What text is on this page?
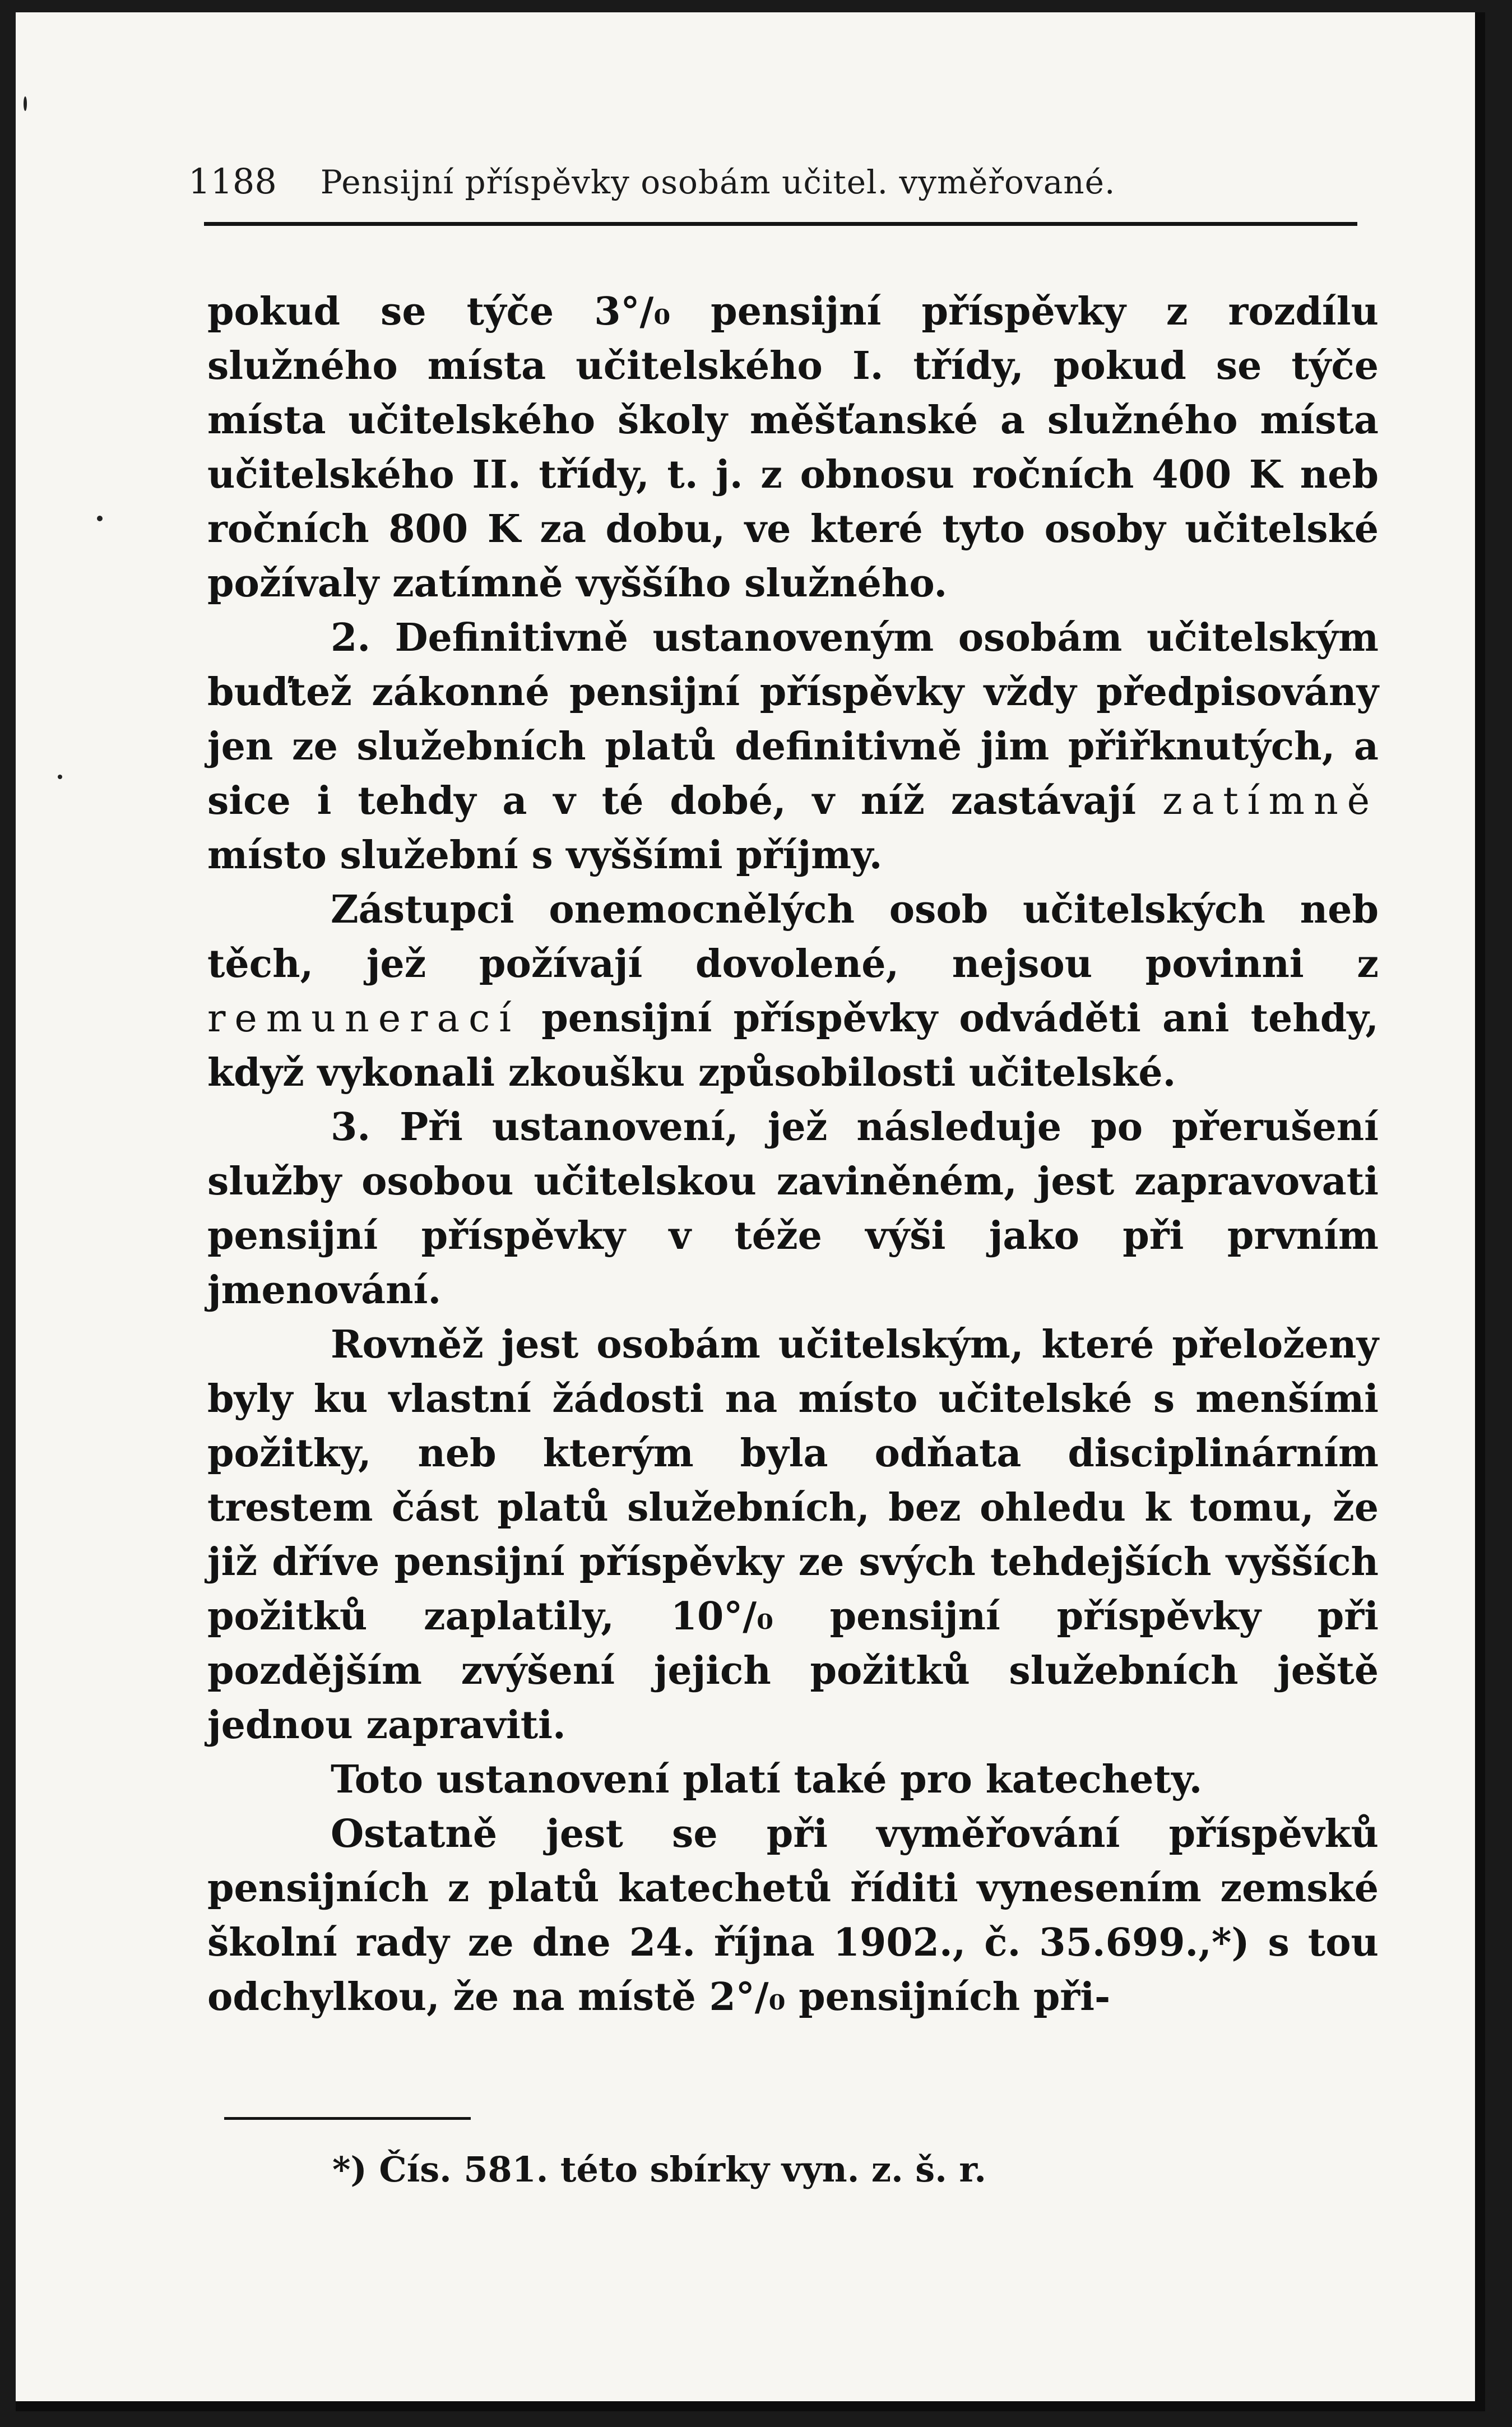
1188 Pensijní příspěvky osobám učitel. vyměřované.

pokud se týče 3°/₀ pensijní příspěvky z rozdílu služného místa učitelského I. třídy, pokud se týče místa učitelského školy měšťanské a služného místa učitelského II. třídy, t. j. z obnosu ročních 400 K neb ročních 800 K za dobu, ve které tyto osoby učitelské požívaly zatímně vyššího služného.

2. Definitivně ustanoveným osobám učitelským buďtež zákonné pensijní příspěvky vždy předpisovány jen ze služebních platů definitivně jim přiřknutých, a sice i tehdy a v té dobé, v níž zastávají zatímně místo služební s vyššími příjmy.

Zástupci onemocnělých osob učitelských neb těch, jež požívají dovolené, nejsou povinni z remunerací pensijní příspěvky odváděti ani tehdy, když vykonali zkoušku způsobilosti učitelské.

3. Při ustanovení, jež následuje po přerušení služby osobou učitelskou zaviněném, jest zapravovati pensijní příspěvky v téže výši jako při prvním jmenování.

Rovněž jest osobám učitelským, které přeloženy byly ku vlastní žádosti na místo učitelské s menšími požitky, neb kterým byla odňata disciplinárním trestem část platů služebních, bez ohledu k tomu, že již dříve pensijní příspěvky ze svých tehdejších vyšších požitků zaplatily, 10°/₀ pensijní příspěvky při pozdějším zvýšení jejich požitků služebních ještě jednou zapraviti.

Toto ustanovení platí také pro katechety.

Ostatně jest se při vyměřování příspěvků pensijních z platů katechetů říditi vynesením zemské školní rady ze dne 24. října 1902., č. 35.699.,*) s tou odchylkou, že na místě 2°/₀ pensijních při-

*) Čís. 581. této sbírky vyn. z. š. r.
